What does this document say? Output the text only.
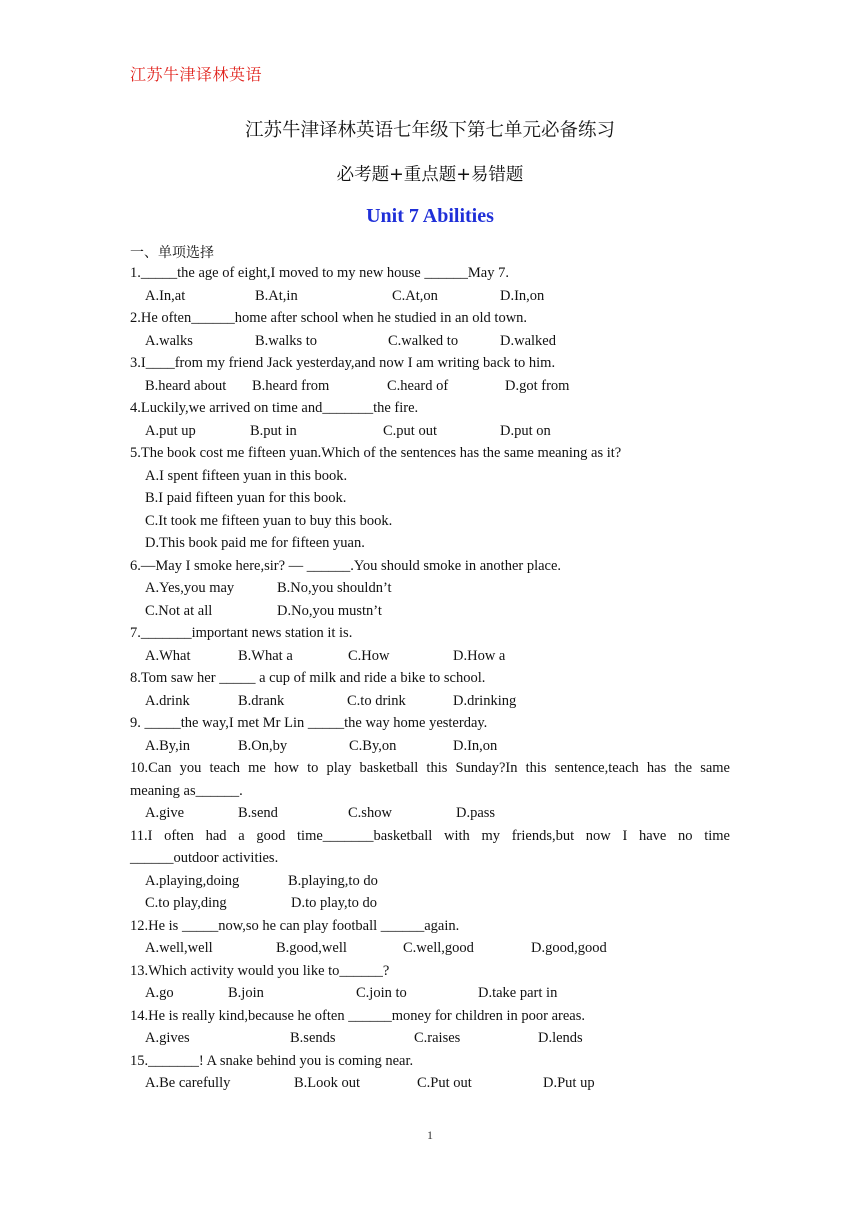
江苏牛津译林英语
江苏牛津译林英语七年级下第七单元必备练习
必考题+重点题+易错题
Unit 7 Abilities
一、单项选择
1._____the age of eight,I moved to my new house ______May 7.
A.In,at	B.At,in	C.At,on	D.In,on
2.He often______home after school when he studied in an old town.
A.walks	B.walks to	C.walked to	D.walked
3.I____from my friend Jack yesterday,and now I am writing back to him.
B.heard about B.heard from	C.heard of	D.got from
4.Luckily,we arrived on time and_______the fire.
A.put up	B.put in	C.put out	D.put on
5.The book cost me fifteen yuan.Which of the sentences has the same meaning as it?
A.I spent fifteen yuan in this book.
B.I paid fifteen yuan for this book.
C.It took me fifteen yuan to buy this book.
D.This book paid me for fifteen yuan.
6.—May I smoke here,sir? — ______.You should smoke in another place.
A.Yes,you may	B.No,you shouldn’t
C.Not at all	D.No,you mustn’t
7._______important news station it is.
A.What	B.What a	C.How	D.How a
8.Tom saw her _____ a cup of milk and ride a bike to school.
A.drink	B.drank	C.to drink	D.drinking
9. _____the way,I met Mr Lin _____the way home yesterday.
A.By,in	B.On,by	C.By,on	D.In,on
10.Can you teach me how to play basketball this Sunday?In this sentence,teach has the same
meaning as______.
A.give	B.send	C.show	D.pass
11.I often had a good time_______basketball with my friends,but now I have no time
______outdoor activities.
A.playing,doing	B.playing,to do
C.to play,ding	D.to play,to do
12.He is _____now,so he can play football ______again.
A.well,well	B.good,well	C.well,good	D.good,good
13.Which activity would you like to______?
A.go	B.join	C.join to	D.take part in
14.He is really kind,because he often ______money for children in poor areas.
A.gives	B.sends	C.raises	D.lends
15._______! A snake behind you is coming near.
A.Be carefully	B.Look out	C.Put out	D.Put up
1
